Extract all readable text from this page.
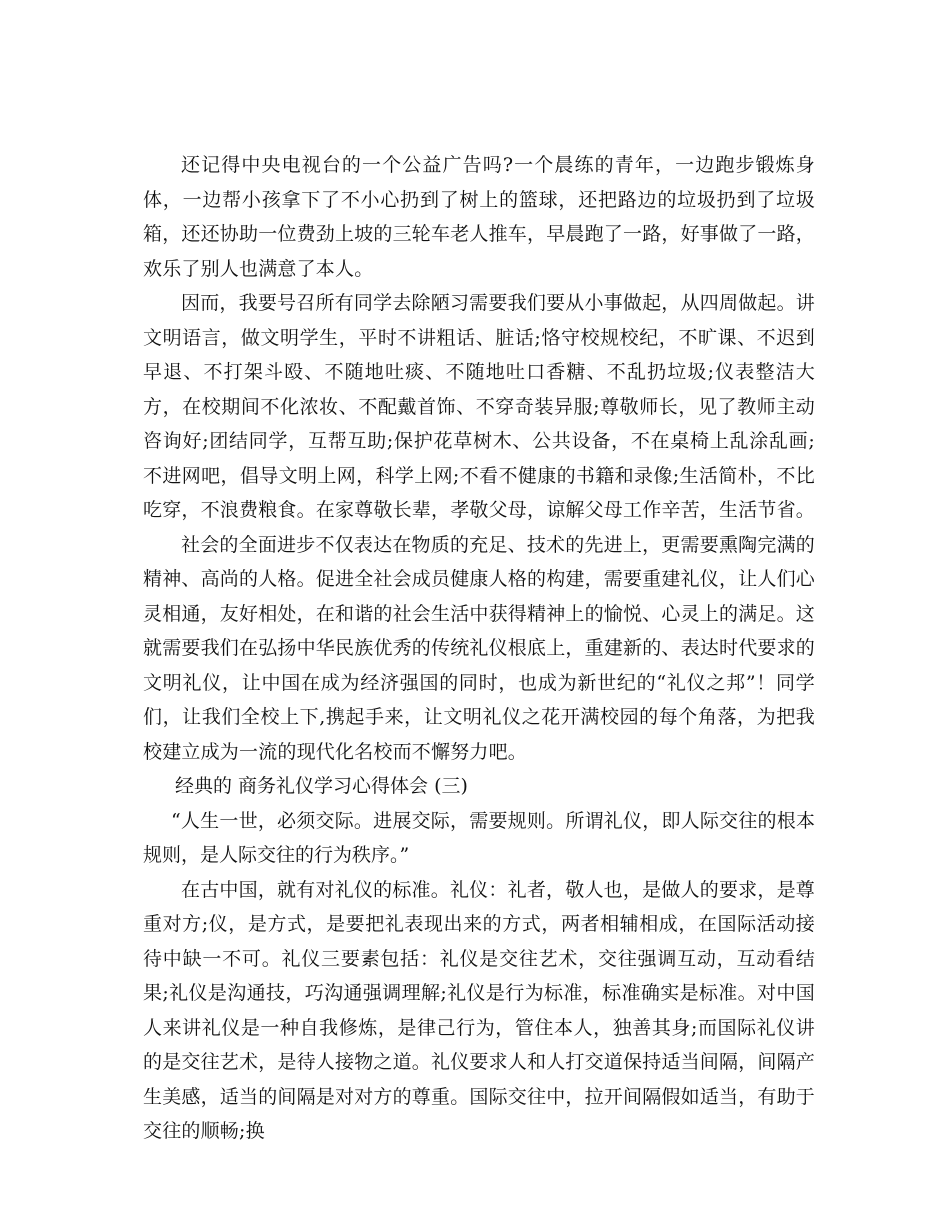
还记得中央电视台的一个公益广告吗?一个晨练的青年，一边跑步锻炼身体，一边帮小孩拿下了不小心扔到了树上的篮球，还把路边的垃圾扔到了垃圾箱，还还协助一位费劲上坡的三轮车老人推车，早晨跑了一路，好事做了一路，欢乐了别人也满意了本人。

因而，我要号召所有同学去除陋习需要我们要从小事做起，从四周做起。讲文明语言，做文明学生，平时不讲粗话、脏话;恪守校规校纪，不旷课、不迟到早退、不打架斗殴、不随地吐痰、不随地吐口香糖、不乱扔垃圾;仪表整洁大方，在校期间不化浓妆、不配戴首饰、不穿奇装异服;尊敬师长，见了教师主动咨询好;团结同学，互帮互助;保护花草树木、公共设备，不在桌椅上乱涂乱画;不进网吧，倡导文明上网，科学上网;不看不健康的书籍和录像;生活简朴，不比吃穿，不浪费粮食。在家尊敬长辈，孝敬父母，谅解父母工作辛苦，生活节省。

社会的全面进步不仅表达在物质的充足、技术的先进上，更需要熏陶完满的精神、高尚的人格。促进全社会成员健康人格的构建，需要重建礼仪，让人们心灵相通，友好相处，在和谐的社会生活中获得精神上的愉悦、心灵上的满足。这就需要我们在弘扬中华民族优秀的传统礼仪根底上，重建新的、表达时代要求的文明礼仪，让中国在成为经济强国的同时，也成为新世纪的“礼仪之邦”！同学们，让我们全校上下,携起手来，让文明礼仪之花开满校园的每个角落，为把我校建立成为一流的现代化名校而不懈努力吧。

经典的 商务礼仪学习心得体会 (三)

“人生一世，必须交际。进展交际，需要规则。所谓礼仪，即人际交往的根本规则，是人际交往的行为秩序。”

在古中国，就有对礼仪的标准。礼仪：礼者，敬人也，是做人的要求，是尊重对方;仪，是方式，是要把礼表现出来的方式，两者相辅相成，在国际活动接待中缺一不可。礼仪三要素包括：礼仪是交往艺术，交往强调互动，互动看结果;礼仪是沟通技，巧沟通强调理解;礼仪是行为标准，标准确实是标准。对中国人来讲礼仪是一种自我修炼，是律己行为，管住本人，独善其身;而国际礼仪讲的是交往艺术，是待人接物之道。礼仪要求人和人打交道保持适当间隔，间隔产生美感，适当的间隔是对对方的尊重。国际交往中，拉开间隔假如适当，有助于交往的顺畅;换
